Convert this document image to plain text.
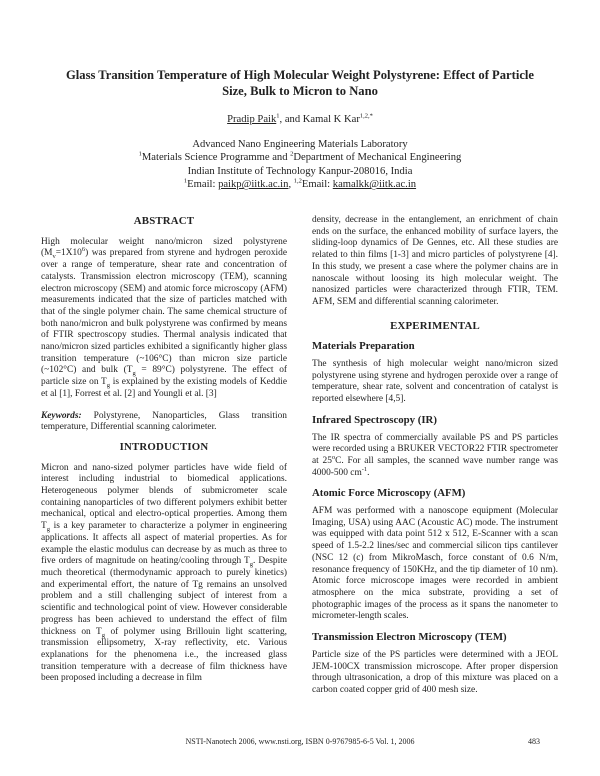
Glass Transition Temperature of High Molecular Weight Polystyrene: Effect of Particle Size, Bulk to Micron to Nano
Pradip Paik$^1$, and Kamal K Kar$^{1,2,*}$
Advanced Nano Engineering Materials Laboratory
$^1$Materials Science Programme and $^2$Department of Mechanical Engineering
Indian Institute of Technology Kanpur-208016, India
$^1$Email: paikp@iitk.ac.in, $^{1,2}$Email: kamalkk@iitk.ac.in
ABSTRACT

High molecular weight nano/micron sized polystyrene $(M_v=1X10^6)$ was prepared from styrene and hydrogen peroxide over a range of temperature, shear rate and concentration of catalysts. Transmission electron microscopy (TEM), scanning electron microscopy (SEM) and atomic force microscopy (AFM) measurements indicated that the size of particles matched with that of the single polymer chain. The same chemical structure of both nano/micron and bulk polystyrene was confirmed by means of FTIR spectroscopy studies. Thermal analysis indicated that nano/micron sized particles exhibited a significantly higher glass transition temperature (~106°C) than micron size particle (~102°C) and bulk $(T_g = 89^\circ C)$ polystyrene. The effect of particle size on $T_g$ is explained by the existing models of Keddie et al [1], Forrest et al. [2] and Youngli et al. [3]

Keywords: Polystyrene, Nanoparticles, Glass transition temperature, Differential scanning calorimeter.

INTRODUCTION

Micron and nano-sized polymer particles have wide field of interest including industrial to biomedical applications. Heterogeneous polymer blends of submicrometer scale containing nanoparticles of two different polymers exhibit better mechanical, optical and electro-optical properties. Among them $T_g$ is a key parameter to characterize a polymer in engineering applications. It affects all aspect of material properties. As for example the elastic modulus can decrease by as much as three to five orders of magnitude on heating/cooling through $T_g$. Despite much theoretical (thermodynamic approach to purely kinetics) and experimental effort, the nature of Tg remains an unsolved problem and a still challenging subject of interest from a scientific and technological point of view. However considerable progress has been achieved to understand the effect of film thickness on $T_g$ of polymer using Brillouin light scattering, transmission ellipsometry, X-ray reflectivity, etc. Various explanations for the phenomena i.e., the increased glass transition temperature with a decrease of film thickness have been proposed including a decrease in film

density, decrease in the entanglement, an enrichment of chain ends on the surface, the enhanced mobility of surface layers, the sliding-loop dynamics of De Gennes, etc. All these studies are related to thin films [1-3] and micro particles of polystyrene [4]. In this study, we present a case where the polymer chains are in nanoscale without loosing its high molecular weight. The nanosized particles were characterized through FTIR, TEM. AFM, SEM and differential scanning calorimeter.

EXPERIMENTAL
Materials Preparation

The synthesis of high molecular weight nano/micron sized polystyrene using styrene and hydrogen peroxide over a range of temperature, shear rate, solvent and concentration of catalyst is reported elsewhere [4,5].

Infrared Spectroscopy (IR)

The IR spectra of commercially available PS and PS particles were recorded using a BRUKER VECTOR22 FTIR spectrometer at 25$^o$C. For all samples, the scanned wave number range was 4000-500 $cm^{-1}$.

Atomic Force Microscopy (AFM)

AFM was performed with a nanoscope equipment (Molecular Imaging, USA) using AAC (Acoustic AC) mode. The instrument was equipped with data point 512 x 512, E-Scanner with a scan speed of 1.5-2.2 lines/sec and commercial silicon tips cantilever (NSC 12 (c) from MikroMasch, force constant of 0.6 N/m, resonance frequency of 150KHz, and the tip diameter of 10 nm). Atomic force microscope images were recorded in ambient atmosphere on the mica substrate, providing a set of photographic images of the process as it spans the nanometer to micrometer-length scales.

Transmission Electron Microscopy (TEM)

Particle size of the PS particles were determined with a JEOL JEM-100CX transmission microscope. After proper dispersion through ultrasonication, a drop of this mixture was placed on a carbon coated copper grid of 400 mesh size.

NSTI-Nanotech 2006, www.nsti.org, ISBN 0-9767985-6-5 Vol. 1, 2006	483
